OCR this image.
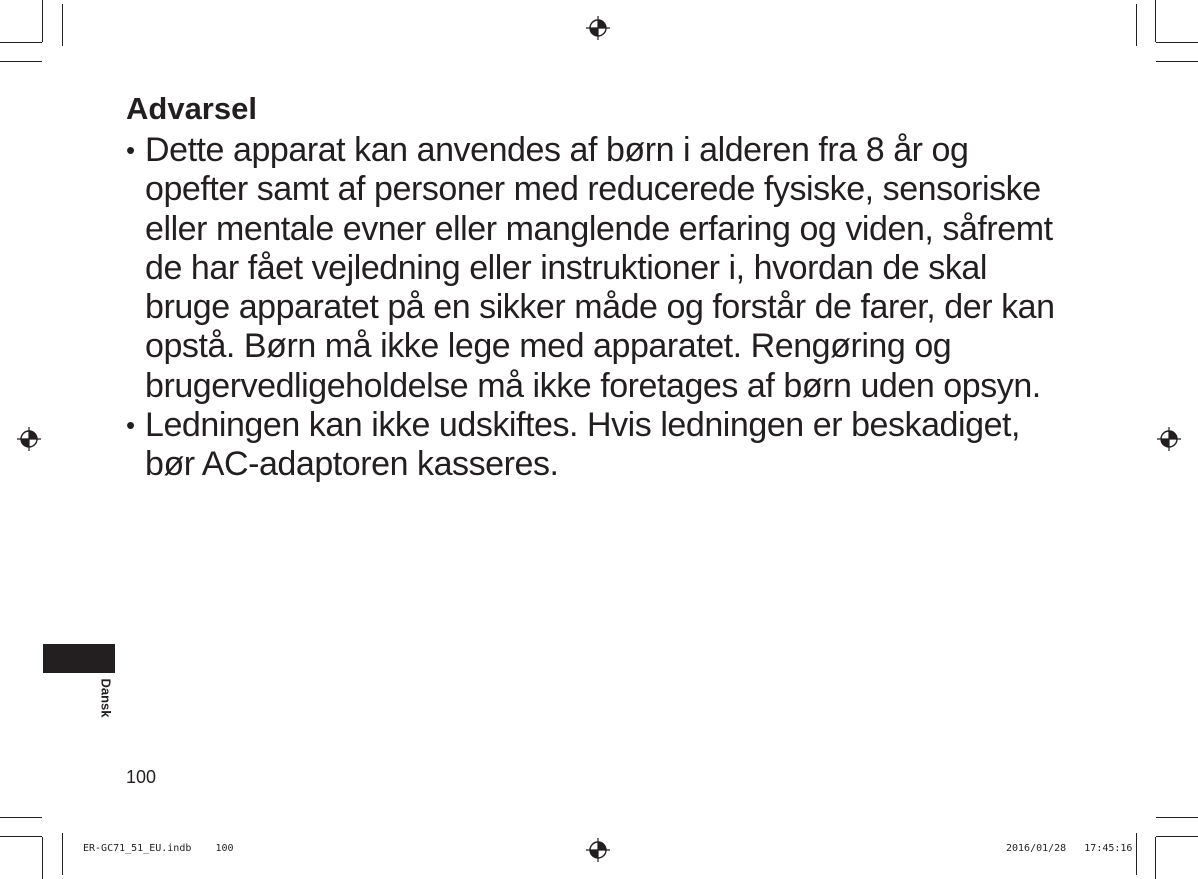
Advarsel
• Dette apparat kan anvendes af børn i alderen fra 8 år og
opefter samt af personer med reducerede fysiske, sensoriske
eller mentale evner eller manglende erfaring og viden, såfremt
de har fået vejledning eller instruktioner i, hvordan de skal
bruge apparatet på en sikker måde og forstår de farer, der kan
opstå. Børn må ikke lege med apparatet. Rengøring og
brugervedligeholdelse må ikke foretages af børn uden opsyn.
• Ledningen kan ikke udskiftes. Hvis ledningen er beskadiget,
bør AC-adaptoren kasseres.
Dansk
100
ER-GC71_51_EU.indb 100	2016/01/28 17:45:16
